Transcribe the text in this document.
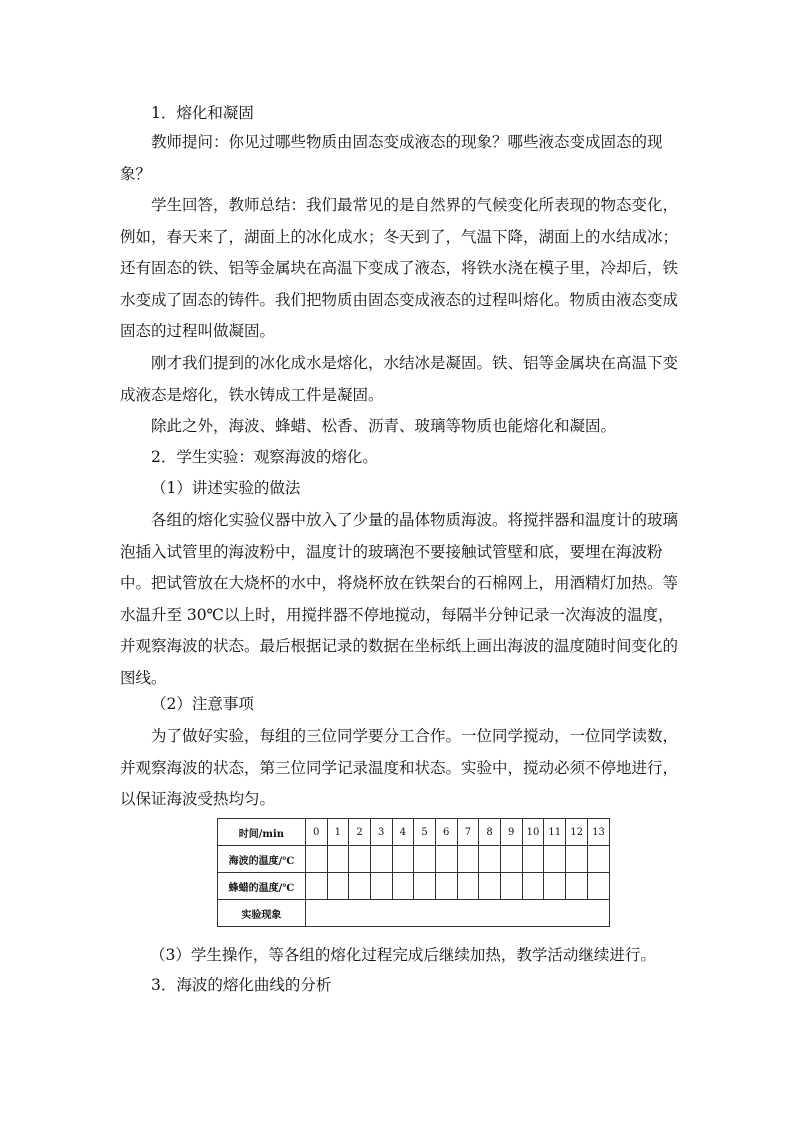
1．熔化和凝固

教师提问：你见过哪些物质由固态变成液态的现象？哪些液态变成固态的现象？

学生回答，教师总结：我们最常见的是自然界的气候变化所表现的物态变化，例如，春天来了，湖面上的冰化成水；冬天到了，气温下降，湖面上的水结成冰；还有固态的铁、铝等金属块在高温下变成了液态，将铁水浇在模子里，冷却后，铁水变成了固态的铸件。我们把物质由固态变成液态的过程叫熔化。物质由液态变成固态的过程叫做凝固。

刚才我们提到的冰化成水是熔化，水结冰是凝固。铁、铝等金属块在高温下变成液态是熔化，铁水铸成工件是凝固。

除此之外，海波、蜂蜡、松香、沥青、玻璃等物质也能熔化和凝固。

2．学生实验：观察海波的熔化。

（1）讲述实验的做法

各组的熔化实验仪器中放入了少量的晶体物质海波。将搅拌器和温度计的玻璃泡插入试管里的海波粉中，温度计的玻璃泡不要接触试管壁和底，要埋在海波粉中。把试管放在大烧杯的水中，将烧杯放在铁架台的石棉网上，用酒精灯加热。等水温升至 30℃以上时，用搅拌器不停地搅动，每隔半分钟记录一次海波的温度，并观察海波的状态。最后根据记录的数据在坐标纸上画出海波的温度随时间变化的图线。

（2）注意事项

为了做好实验，每组的三位同学要分工合作。一位同学搅动，一位同学读数，并观察海波的状态，第三位同学记录温度和状态。实验中，搅动必须不停地进行，以保证海波受热均匀。

时间/min	0	1	2	3	4	5	6	7	8	9	10	11	12	13
海波的温度/℃														
蜂蜡的温度/℃														
实验现象														

（3）学生操作，等各组的熔化过程完成后继续加热，教学活动继续进行。

3．海波的熔化曲线的分析
